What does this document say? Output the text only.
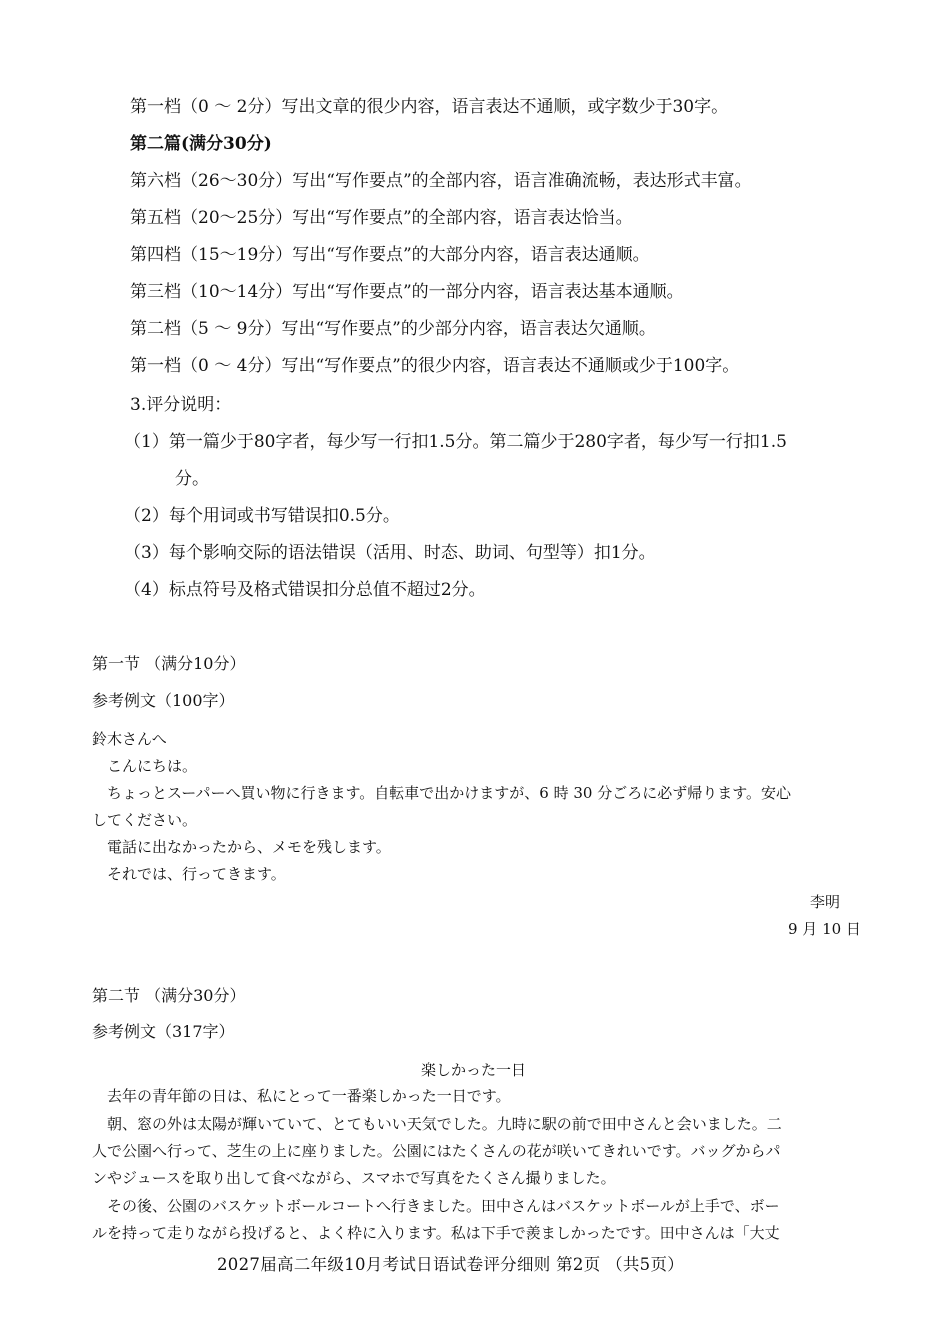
第一档（0 ～ 2分）写出文章的很少内容，语言表达不通顺，或字数少于30字。
第二篇(满分30分)
第六档（26～30分）写出“写作要点”的全部内容，语言准确流畅，表达形式丰富。
第五档（20～25分）写出“写作要点”的全部内容，语言表达恰当。
第四档（15～19分）写出“写作要点”的大部分内容，语言表达通顺。
第三档（10～14分）写出“写作要点”的一部分内容，语言表达基本通顺。
第二档（5 ～ 9分）写出“写作要点”的少部分内容，语言表达欠通顺。
第一档（0 ～ 4分）写出“写作要点”的很少内容，语言表达不通顺或少于100字。
3.评分说明：
（1）第一篇少于80字者，每少写一行扣1.5分。第二篇少于280字者，每少写一行扣1.5
分。
（2）每个用词或书写错误扣0.5分。
（3）每个影响交际的语法错误（活用、时态、助词、句型等）扣1分。
（4）标点符号及格式错误扣分总值不超过2分。
第一节 （满分10分）
参考例文（100字）
鈴木さんへ
　こんにちは。
　ちょっとスーパーへ買い物に行きます。自転車で出かけますが、6 時 30 分ごろに必ず帰ります。安心
してください。
　電話に出なかったから、メモを残します。
　それでは、行ってきます。
李明
9 月 10 日
第二节 （满分30分）
参考例文（317字）
楽しかった一日
　去年の青年節の日は、私にとって一番楽しかった一日です。
　朝、窓の外は太陽が輝いていて、とてもいい天気でした。九時に駅の前で田中さんと会いました。二
人で公園へ行って、芝生の上に座りました。公園にはたくさんの花が咲いてきれいです。バッグからパ
ンやジュースを取り出して食べながら、スマホで写真をたくさん撮りました。
　その後、公園のバスケットボールコートへ行きました。田中さんはバスケットボールが上手で、ボー
ルを持って走りながら投げると、よく枠に入ります。私は下手で羨ましかったです。田中さんは「大丈
2027届高二年级10月考试日语试卷评分细则 第2页 （共5页）
